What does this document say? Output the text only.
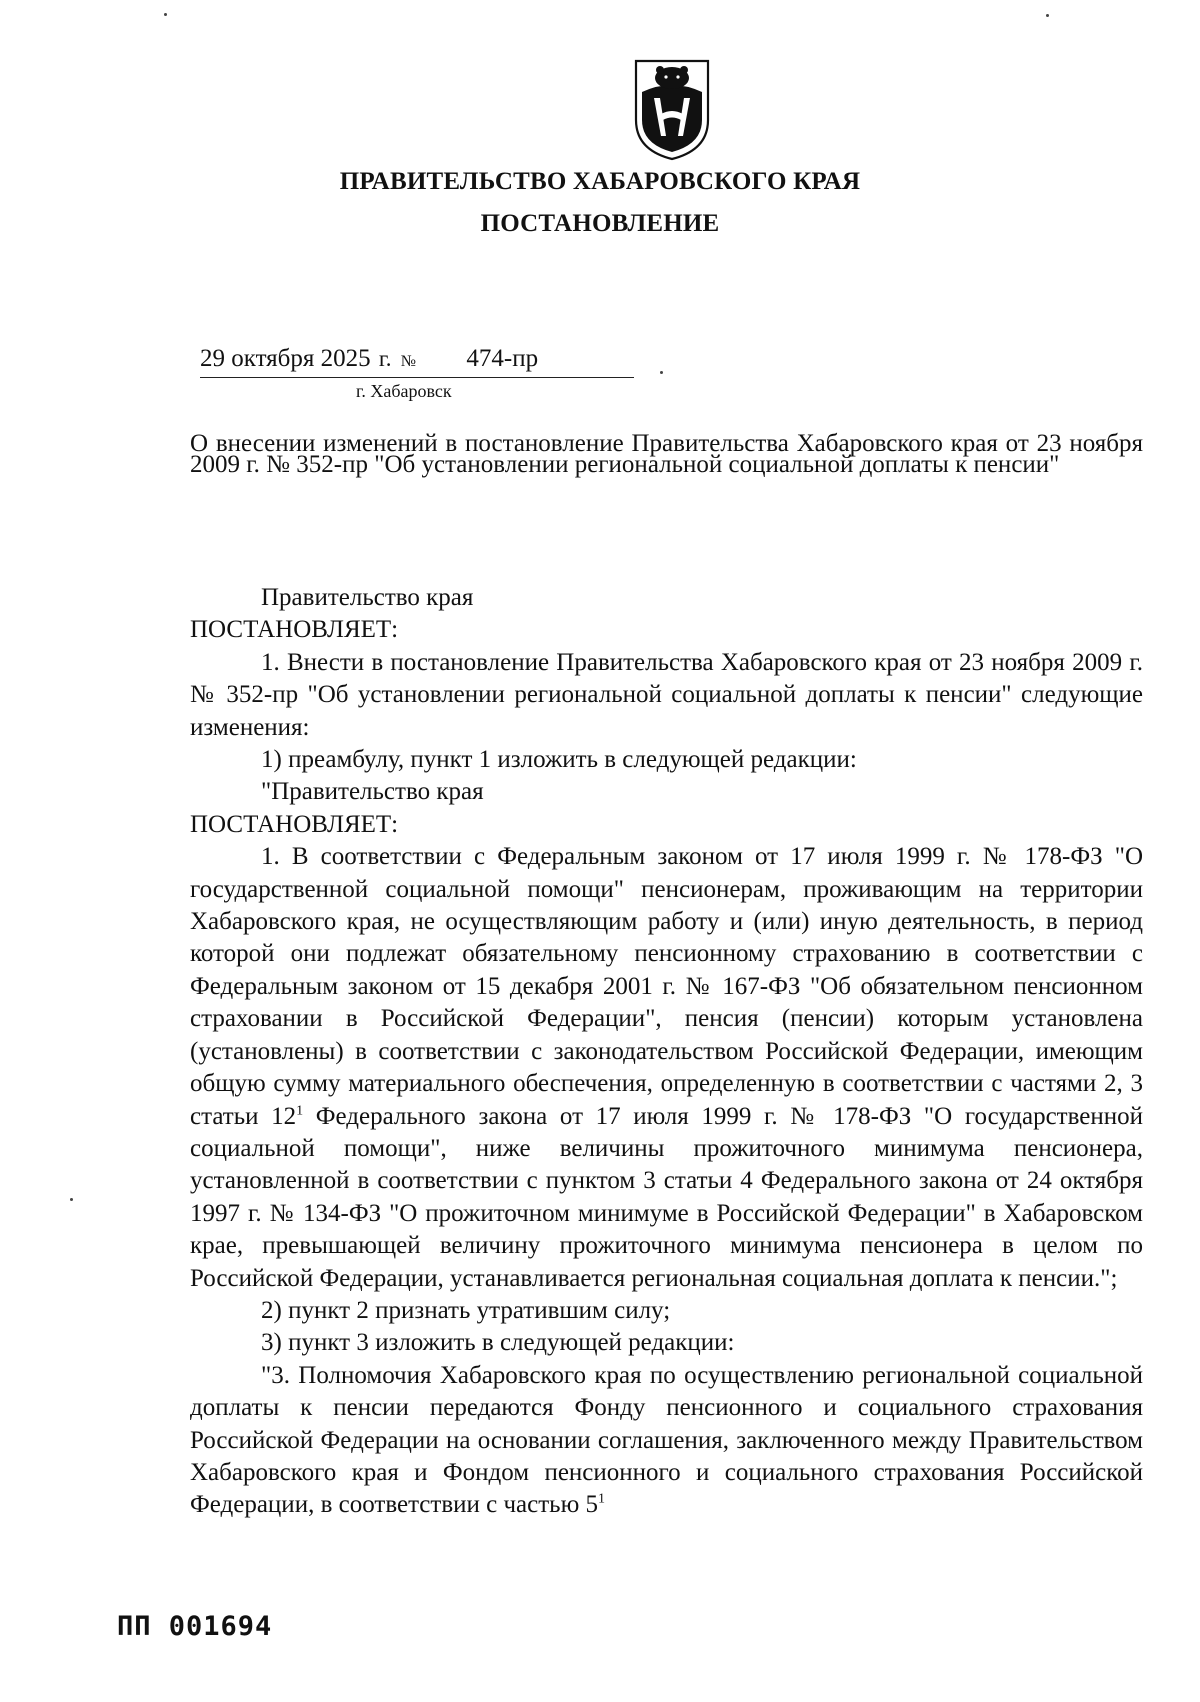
ПРАВИТЕЛЬСТВО ХАБАРОВСКОГО КРАЯ
ПОСТАНОВЛЕНИЕ
29 октября 2025 г. № 474-пр
г. Хабаровск
О внесении изменений в постановление Правительства Хабаровского края от 23 ноября 2009 г. № 352-пр "Об установлении региональной социальной доплаты к пенсии"

Правительство края

ПОСТАНОВЛЯЕТ:

1. Внести в постановление Правительства Хабаровского края от 23 ноября 2009 г. № 352-пр "Об установлении региональной социальной доплаты к пенсии" следующие изменения:

1) преамбулу, пункт 1 изложить в следующей редакции:

"Правительство края

ПОСТАНОВЛЯЕТ:

1. В соответствии с Федеральным законом от 17 июля 1999 г. № 178-ФЗ "О государственной социальной помощи" пенсионерам, проживающим на территории Хабаровского края, не осуществляющим работу и (или) иную деятельность, в период которой они подлежат обязательному пенсионному страхованию в соответствии с Федеральным законом от 15 декабря 2001 г. № 167-ФЗ "Об обязательном пенсионном страховании в Российской Федерации", пенсия (пенсии) которым установлена (установлены) в соответствии с законодательством Российской Федерации, имеющим общую сумму материального обеспечения, определенную в соответствии с частями 2, 3 статьи $12^1$ Федерального закона от 17 июля 1999 г. № 178-ФЗ "О государственной социальной помощи", ниже величины прожиточного минимума пенсионера, установленной в соответствии с пунктом 3 статьи 4 Федерального закона от 24 октября 1997 г. № 134-ФЗ "О прожиточном минимуме в Российской Федерации" в Хабаровском крае, превышающей величину прожиточного минимума пенсионера в целом по Российской Федерации, устанавливается региональная социальная доплата к пенсии.";

2) пункт 2 признать утратившим силу;

3) пункт 3 изложить в следующей редакции:

"3. Полномочия Хабаровского края по осуществлению региональной социальной доплаты к пенсии передаются Фонду пенсионного и социального страхования Российской Федерации на основании соглашения, заключенного между Правительством Хабаровского края и Фондом пенсионного и социального страхования Российской Федерации, в соответствии с частью $5^1$

ПП 001694
